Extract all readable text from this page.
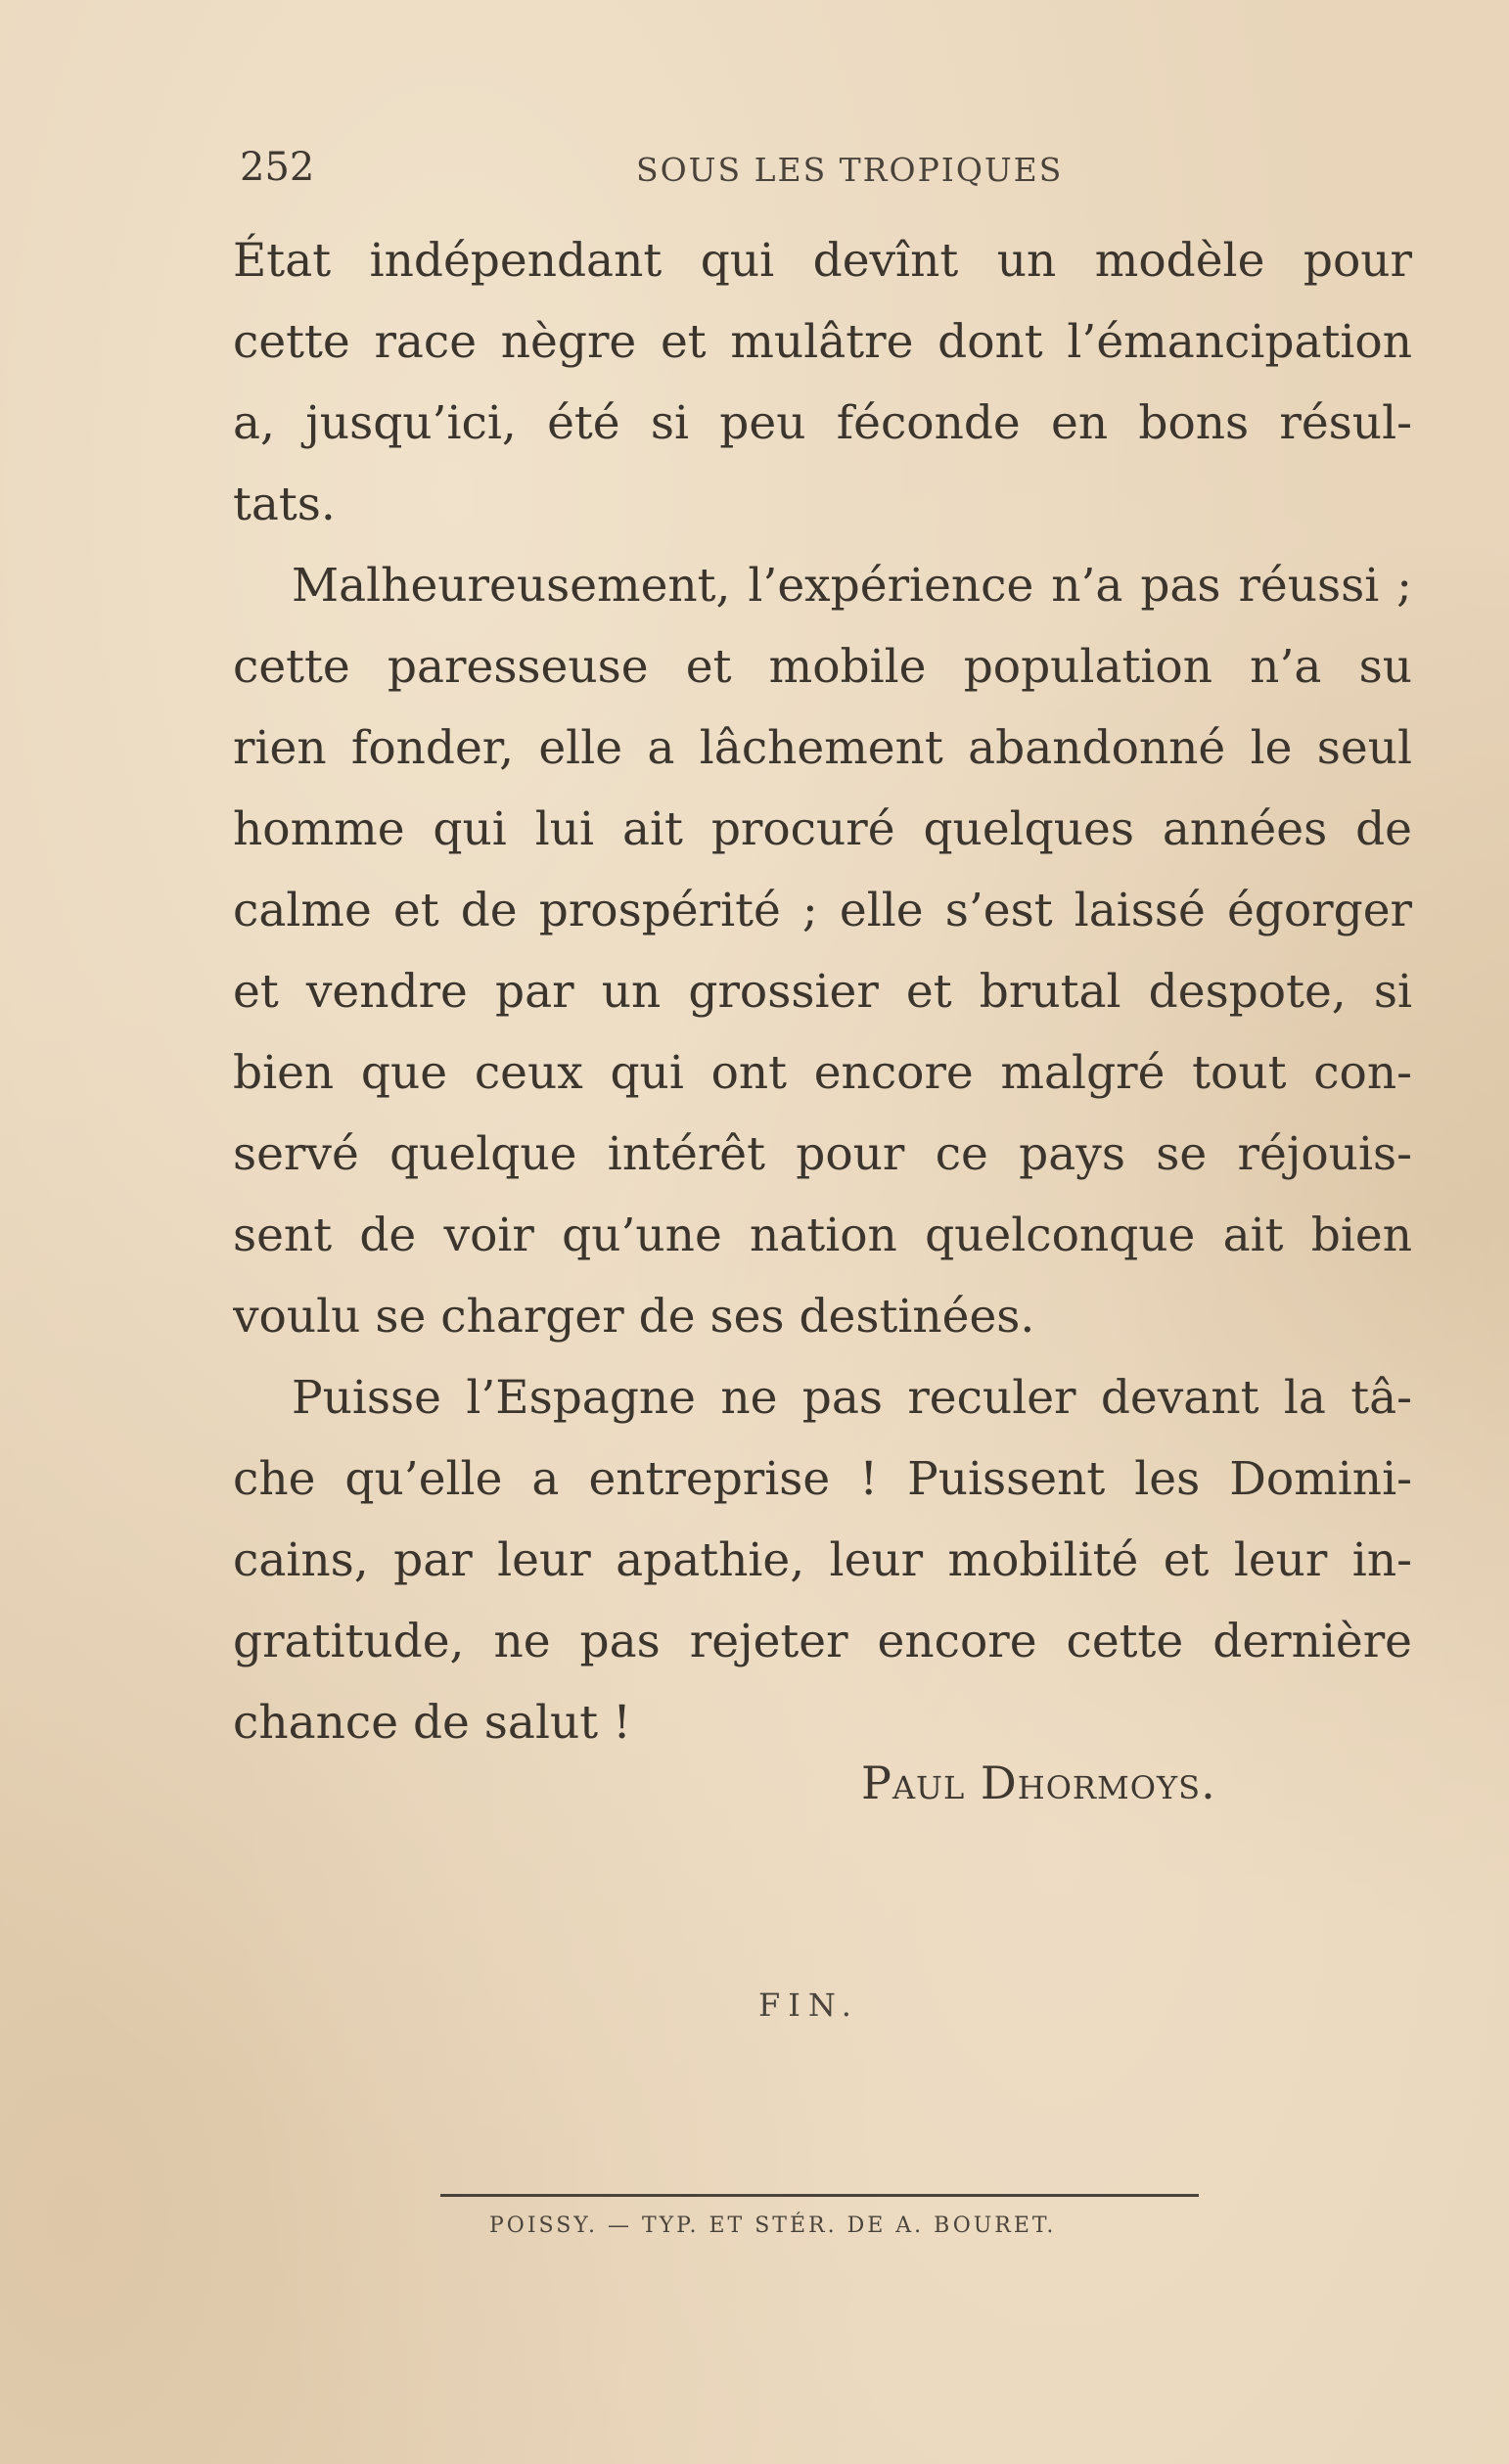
252	SOUS LES TROPIQUES
État indépendant qui devînt un modèle pour
cette race nègre et mulâtre dont l’émancipation
a, jusqu’ici, été si peu féconde en bons résul-
tats.
Malheureusement, l’expérience n’a pas réussi ;
cette paresseuse et mobile population n’a su
rien fonder, elle a lâchement abandonné le seul
homme qui lui ait procuré quelques années de
calme et de prospérité ; elle s’est laissé égorger
et vendre par un grossier et brutal despote, si
bien que ceux qui ont encore malgré tout con-
servé quelque intérêt pour ce pays se réjouis-
sent de voir qu’une nation quelconque ait bien
voulu se charger de ses destinées.
Puisse l’Espagne ne pas reculer devant la tâ-
che qu’elle a entreprise ! Puissent les Domini-
cains, par leur apathie, leur mobilité et leur in-
gratitude, ne pas rejeter encore cette dernière
chance de salut !
Paul Dhormoys.
FIN.
POISSY. — TYP. ET STÉR. DE A. BOURET.
